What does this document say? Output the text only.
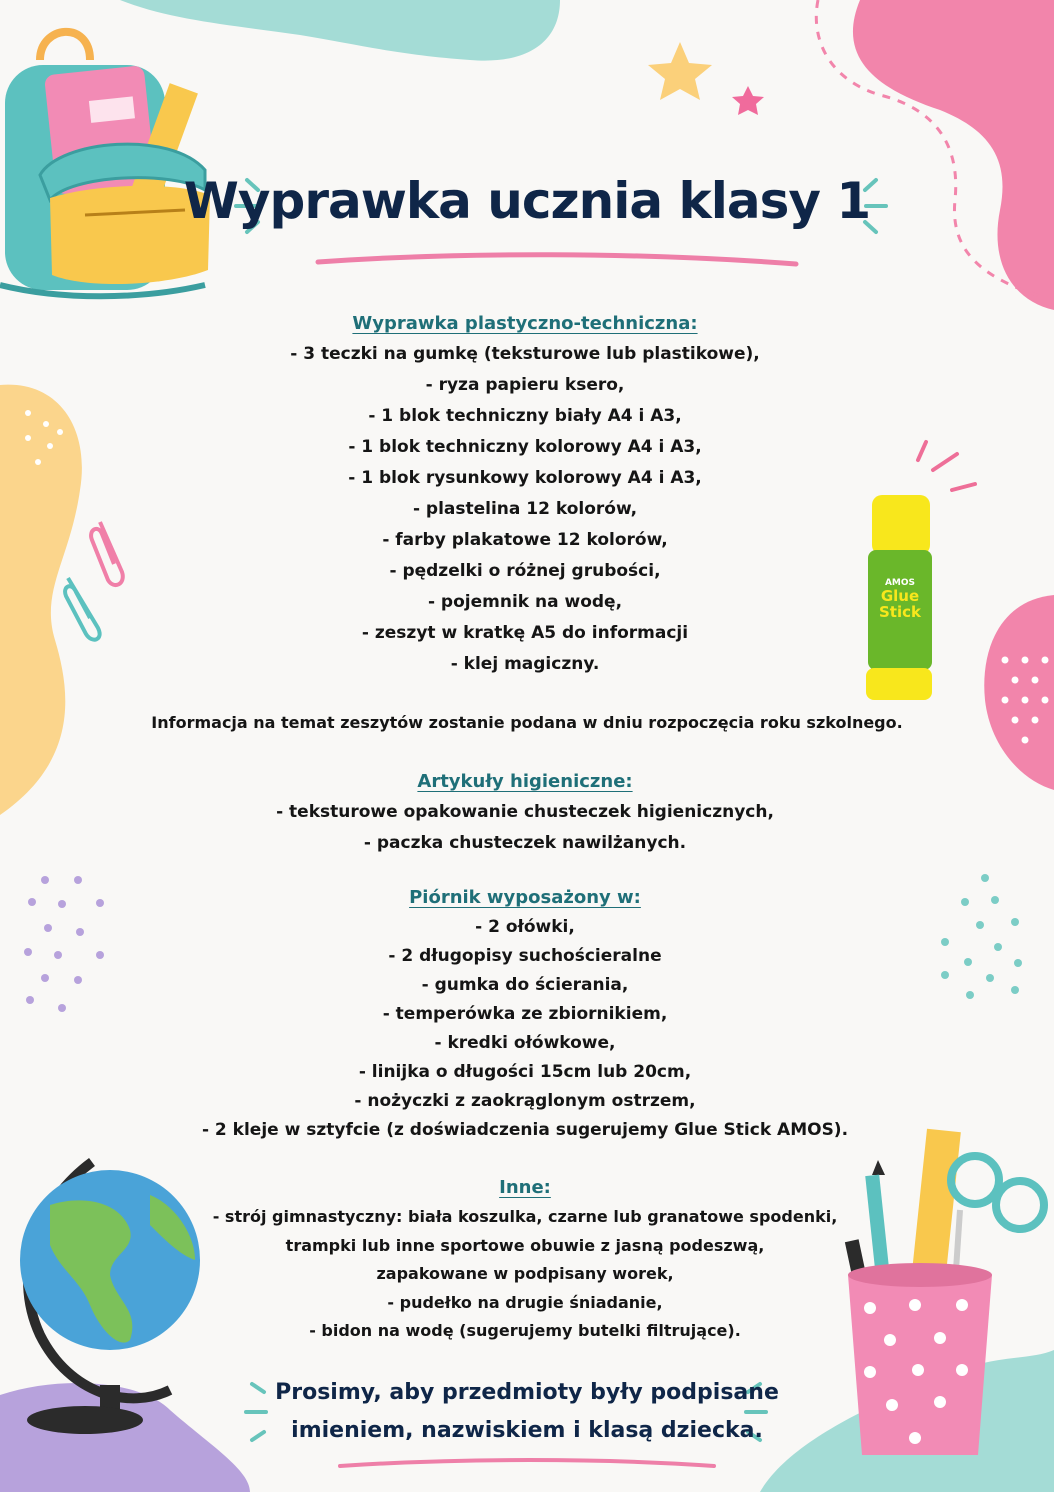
AMOS
Glue
Stick
Wyprawka ucznia klasy 1
Wyprawka plastyczno-techniczna:
- 3 teczki na gumkę (teksturowe lub plastikowe),
- ryza papieru ksero,
- 1 blok techniczny biały A4 i A3,
- 1 blok techniczny kolorowy A4 i A3,
- 1 blok rysunkowy kolorowy A4 i A3,
- plastelina 12 kolorów,
- farby plakatowe 12 kolorów,
- pędzelki o różnej grubości,
- pojemnik na wodę,
- zeszyt w kratkę A5 do informacji
- klej magiczny.
Informacja na temat zeszytów zostanie podana w dniu rozpoczęcia roku szkolnego.
Artykuły higieniczne:
- teksturowe opakowanie chusteczek higienicznych,
- paczka chusteczek nawilżanych.
Piórnik wyposażony w:
- 2 ołówki,
- 2 długopisy suchościeralne
- gumka do ścierania,
- temperówka ze zbiornikiem,
- kredki ołówkowe,
- linijka o długości 15cm lub 20cm,
- nożyczki z zaokrąglonym ostrzem,
- 2 kleje w sztyfcie (z doświadczenia sugerujemy Glue Stick AMOS).
Inne:
- strój gimnastyczny: biała koszulka, czarne lub granatowe spodenki,
trampki lub inne sportowe obuwie z jasną podeszwą,
zapakowane w podpisany worek,
- pudełko na drugie śniadanie,
- bidon na wodę (sugerujemy butelki filtrujące).
Prosimy, aby przedmioty były podpisane
imieniem, nazwiskiem i klasą dziecka.
